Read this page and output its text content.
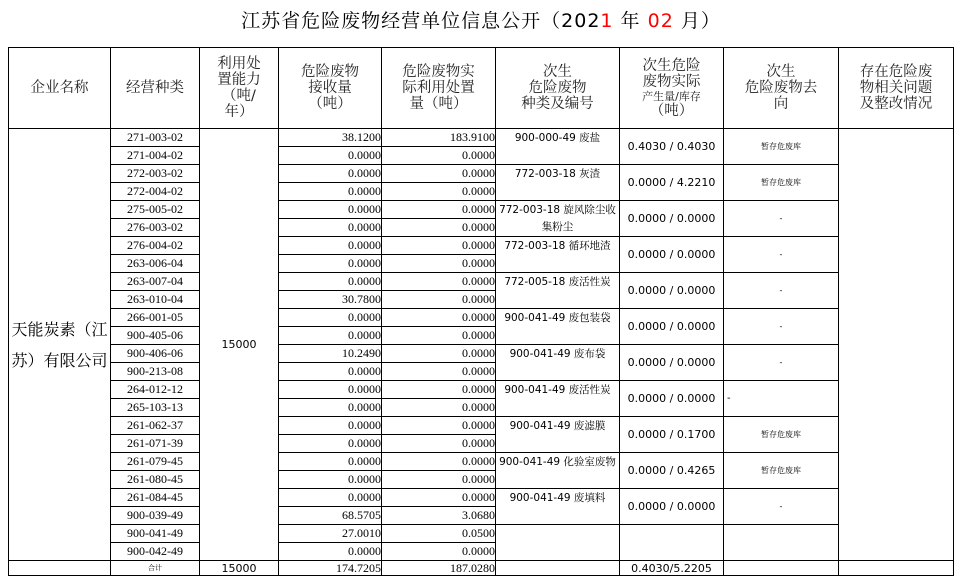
江苏省危险废物经营单位信息公开（2021 年 02 月）
企业名称	经营种类	利用处
置能力
（吨/
年）	危险废物
接收量
（吨）	危险废物实
际利用处置
量（吨）	次生
危险废物
种类及编号	次生危险
废物实际
产生量/库存
（吨）	次生
危险废物去
向	存在危险废
物相关问题
及整改情况
天能炭素（江苏）有限公司	271-003-02	15000	38.1200	183.9100	900-000-49 废盐	0.4030 / 0.4030	暂存危废库	
	271-004-02		0.0000	0.0000				
	272-003-02		0.0000	0.0000	772-003-18 灰渣	0.0000 / 4.2210	暂存危废库	
	272-004-02		0.0000	0.0000				
	275-005-02		0.0000	0.0000	772-003-18 旋风除尘收集粉尘	0.0000 / 0.0000	-	
	276-003-02		0.0000	0.0000				
	276-004-02		0.0000	0.0000	772-003-18 循环地渣	0.0000 / 0.0000	-	
	263-006-04		0.0000	0.0000				
	263-007-04		0.0000	0.0000	772-005-18 废活性炭	0.0000 / 0.0000	-	
	263-010-04		30.7800	0.0000				
	266-001-05		0.0000	0.0000	900-041-49 废包装袋	0.0000 / 0.0000	-	
	900-405-06		0.0000	0.0000				
	900-406-06		10.2490	0.0000	900-041-49 废布袋	0.0000 / 0.0000	-	
	900-213-08		0.0000	0.0000				
	264-012-12		0.0000	0.0000	900-041-49 废活性炭	0.0000 / 0.0000	-	
	265-103-13		0.0000	0.0000				
	261-062-37		0.0000	0.0000	900-041-49 废滤膜	0.0000 / 0.1700	暂存危废库	
	261-071-39		0.0000	0.0000				
	261-079-45		0.0000	0.0000	900-041-49 化验室废物	0.0000 / 0.4265	暂存危废库	
	261-080-45		0.0000	0.0000				
	261-084-45		0.0000	0.0000	900-041-49 废填料	0.0000 / 0.0000	-	
	900-039-49		68.5705	3.0680				
	900-041-49		27.0010	0.0500				
	900-042-49		0.0000	0.0000				
	合计	15000	174.7205	187.0280		0.4030/5.2205		
